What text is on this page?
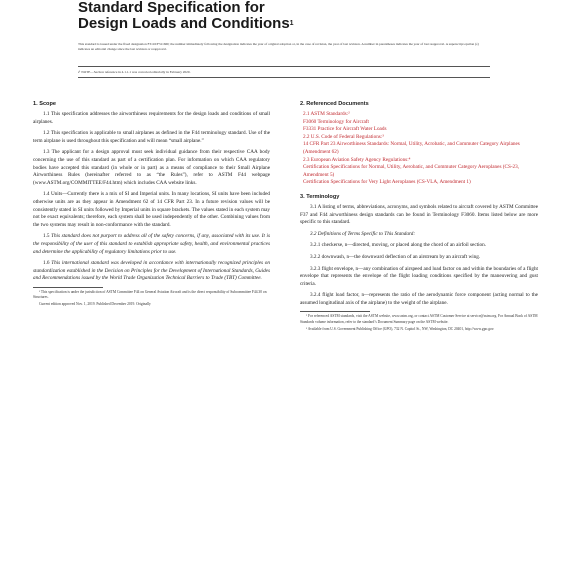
Standard Specification for

Design Loads and Conditions$^1$

This standard is issued under the fixed designation F3116/F3116M; the number immediately following the designation indicates the year of original adoption or, in the case of revision, the year of last revision. A number in parentheses indicates the year of last reapproval. A superscript epsilon (ε) indicates an editorial change since the last revision or reapproval.
ε¹ NOTE—Section reference in 4.1.1.1 was corrected editorially in February 2020.

1. Scope

1.1 This specification addresses the airworthiness requirements for the design loads and conditions of small airplanes.

1.2 This specification is applicable to small airplanes as defined in the F44 terminology standard. Use of the term airplane is used throughout this specification and will mean “small airplane.”

1.3 The applicant for a design approval must seek individual guidance from their respective CAA body concerning the use of this standard as part of a certification plan. For information on which CAA regulatory bodies have accepted this standard (in whole or in part) as a means of compliance to their Small Airplane Airworthiness Rules (hereinafter referred to as “the Rules”), refer to ASTM F44 webpage (www.ASTM.org/COMMITTEE/F44.htm) which includes CAA website links.

1.4 Units—Currently there is a mix of SI and Imperial units. In many locations, SI units have been included otherwise units are as they appear in Amendment 62 of 14 CFR Part 23. In a future revision values will be consistently stated in SI units followed by Imperial units in square brackets. The values stated in each system may not be exact equivalents; therefore, each system shall be used independently of the other. Combining values from the two systems may result in non-conformance with the standard.

1.5 This standard does not purport to address all of the safety concerns, if any, associated with its use. It is the responsibility of the user of this standard to establish appropriate safety, health, and environmental practices and determine the applicability of regulatory limitations prior to use.

1.6 This international standard was developed in accordance with internationally recognized principles on standardization established in the Decision on Principles for the Development of International Standards, Guides and Recommendations issued by the World Trade Organization Technical Barriers to Trade (TBT) Committee.

¹ This specification is under the jurisdiction of ASTM Committee F44 on General Aviation Aircraft and is the direct responsibility of Subcommittee F44.30 on Structures.

Current edition approved Nov. 1, 2019. Published December 2019. Originally

2. Referenced Documents

2.1 ASTM Standards:²

F3060 Terminology for Aircraft

F3331 Practice for Aircraft Water Loads

2.2 U.S. Code of Federal Regulations:³

14 CFR Part 23 Airworthiness Standards: Normal, Utility, Acrobatic, and Commuter Category Airplanes (Amendment 62)

2.3 European Aviation Safety Agency Regulations:⁴

Certification Specifications for Normal, Utility, Aerobatic, and Commuter Category Aeroplanes (CS-23, Amendment 5)

Certification Specifications for Very Light Aeroplanes (CS-VLA, Amendment 1)

3. Terminology

3.1 A listing of terms, abbreviations, acronyms, and symbols related to aircraft covered by ASTM Committee F37 and F44 airworthiness design standards can be found in Terminology F3060. Items listed below are more specific to this standard.

3.2 Definitions of Terms Specific to This Standard:

3.2.1 checkerse, n—directed, moving, or placed along the chord of an airfoil section.

3.2.2 downwash, n—the downward deflection of an airstream by an aircraft wing.

3.2.3 flight envelope, n—any combination of airspeed and load factor on and within the boundaries of a flight envelope that represents the envelope of the flight loading conditions specified by the maneuvering and gust criteria.

3.2.4 flight load factor, n—represents the ratio of the aerodynamic force component (acting normal to the assumed longitudinal axis of the airplane) to the weight of the airplane.

² For referenced ASTM standards, visit the ASTM website, www.astm.org, or contact ASTM Customer Service at service@astm.org. For Annual Book of ASTM Standards volume information, refer to the standard’s Document Summary page on the ASTM website.

³ Available from U.S. Government Publishing Office (GPO), 732 N. Capitol St., NW, Washington, DC 20401, http://www.gpo.gov.
